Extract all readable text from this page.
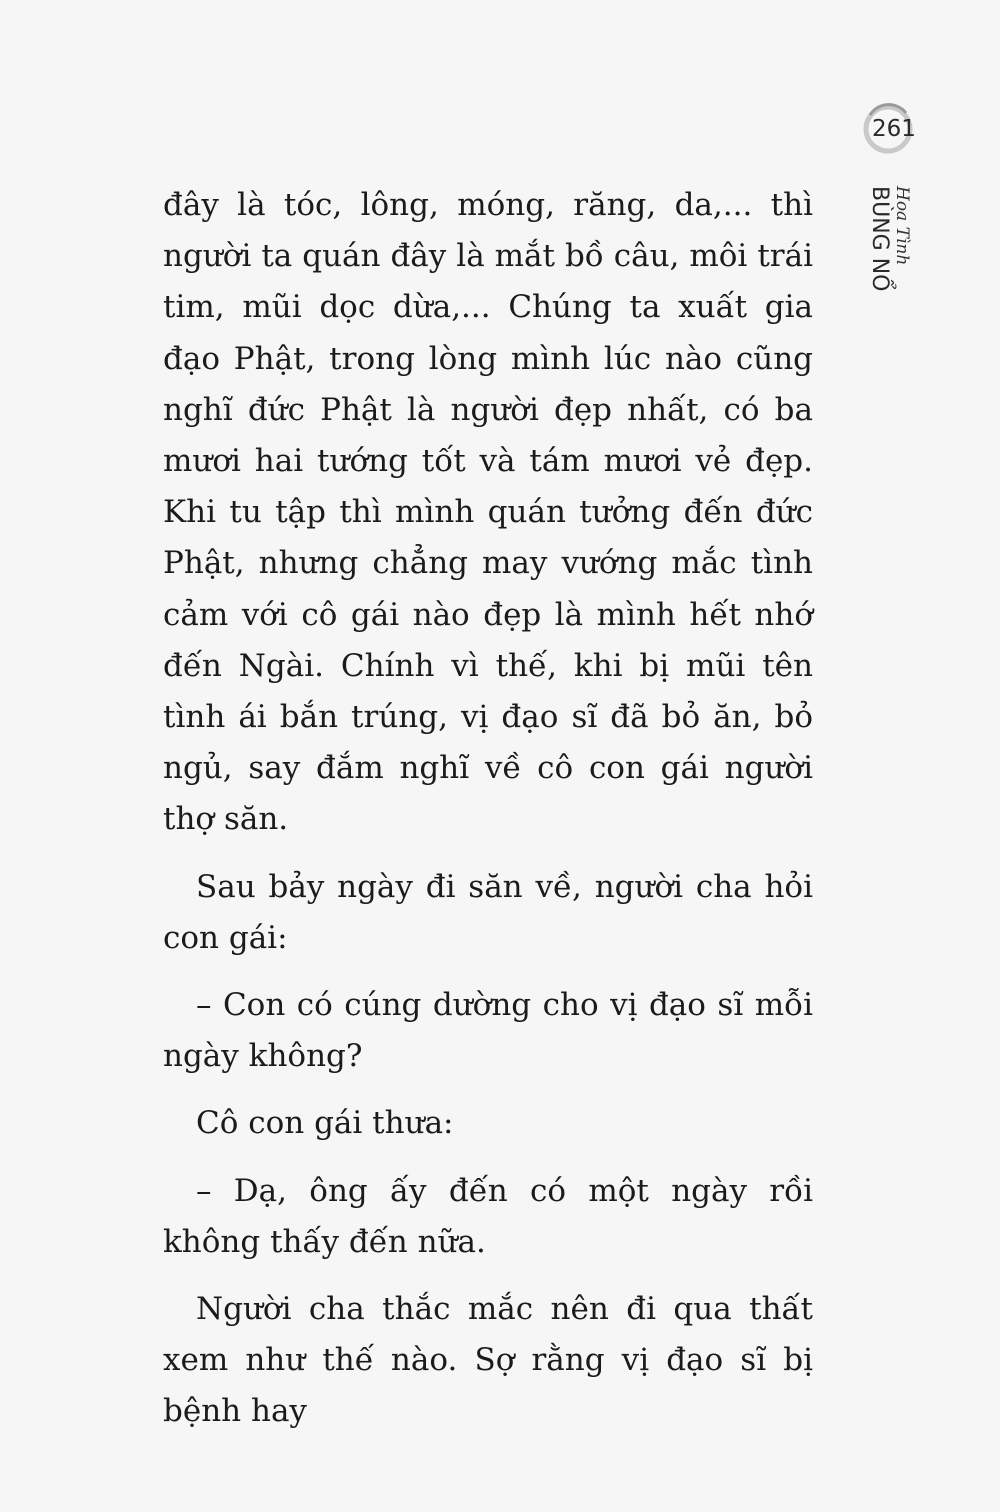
261
BÙNG NỔ Hoa Tình

đây là tóc, lông, móng, răng, da,... thì người ta quán đây là mắt bồ câu, môi trái tim, mũi dọc dừa,... Chúng ta xuất gia đạo Phật, trong lòng mình lúc nào cũng nghĩ đức Phật là người đẹp nhất, có ba mươi hai tướng tốt và tám mươi vẻ đẹp. Khi tu tập thì mình quán tưởng đến đức Phật, nhưng chẳng may vướng mắc tình cảm với cô gái nào đẹp là mình hết nhớ đến Ngài. Chính vì thế, khi bị mũi tên tình ái bắn trúng, vị đạo sĩ đã bỏ ăn, bỏ ngủ, say đắm nghĩ về cô con gái người thợ săn.

Sau bảy ngày đi săn về, người cha hỏi con gái:

– Con có cúng dường cho vị đạo sĩ mỗi ngày không?

Cô con gái thưa:

– Dạ, ông ấy đến có một ngày rồi không thấy đến nữa.

Người cha thắc mắc nên đi qua thất xem như thế nào. Sợ rằng vị đạo sĩ bị bệnh hay
